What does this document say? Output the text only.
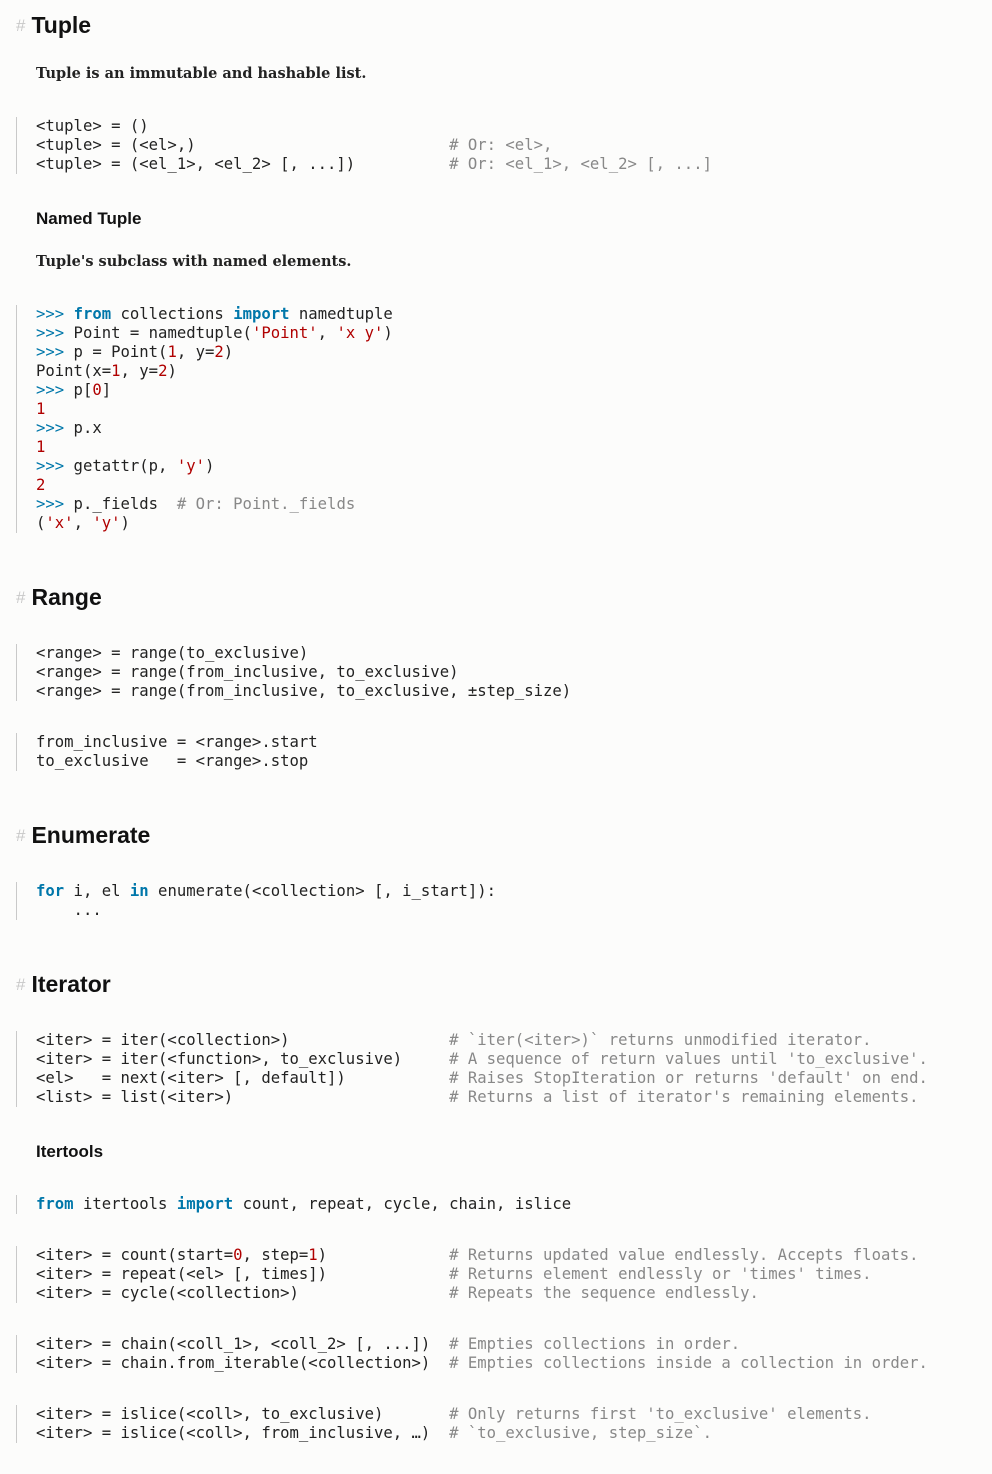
# Tuple
Tuple is an immutable and hashable list.
<tuple> = ()
<tuple> = (<el>,)	# Or: <el>,
<tuple> = (<el_1>, <el_2> [, ...])	# Or: <el_1>, <el_2> [, ...]
Named Tuple
Tuple's subclass with named elements.
>>> from collections import namedtuple
>>> Point = namedtuple('Point', 'x y')
>>> p = Point(1, y=2)
Point(x=1, y=2)
>>> p[0]
1
>>> p.x
1
>>> getattr(p, 'y')
2
>>> p._fields  # Or: Point._fields
('x', 'y')
# Range
<range> = range(to_exclusive)
<range> = range(from_inclusive, to_exclusive)
<range> = range(from_inclusive, to_exclusive, ±step_size)
from_inclusive = <range>.start
to_exclusive   = <range>.stop
# Enumerate
for i, el in enumerate(<collection> [, i_start]):
...
# Iterator
<iter> = iter(<collection>)                 # `iter(<iter>)` returns unmodified iterator.
<iter> = iter(<function>, to_exclusive)	# A sequence of return values until 'to_exclusive'.
<el>   = next(<iter> [, default])	# Raises StopIteration or returns 'default' on end.
<list> = list(<iter>)	# Returns a list of iterator's remaining elements.
Itertools
from itertools import count, repeat, cycle, chain, islice
<iter> = count(start=0, step=1)             # Returns updated value endlessly. Accepts floats.
<iter> = repeat(<el> [, times])	# Returns element endlessly or 'times' times.
<iter> = cycle(<collection>)	# Repeats the sequence endlessly.
<iter> = chain(<coll_1>, <coll_2> [, ...])  # Empties collections in order.
<iter> = chain.from_iterable(<collection>)  # Empties collections inside a collection in order.
<iter> = islice(<coll>, to_exclusive)       # Only returns first 'to_exclusive' elements.
<iter> = islice(<coll>, from_inclusive, …)  # `to_exclusive, step_size`.
